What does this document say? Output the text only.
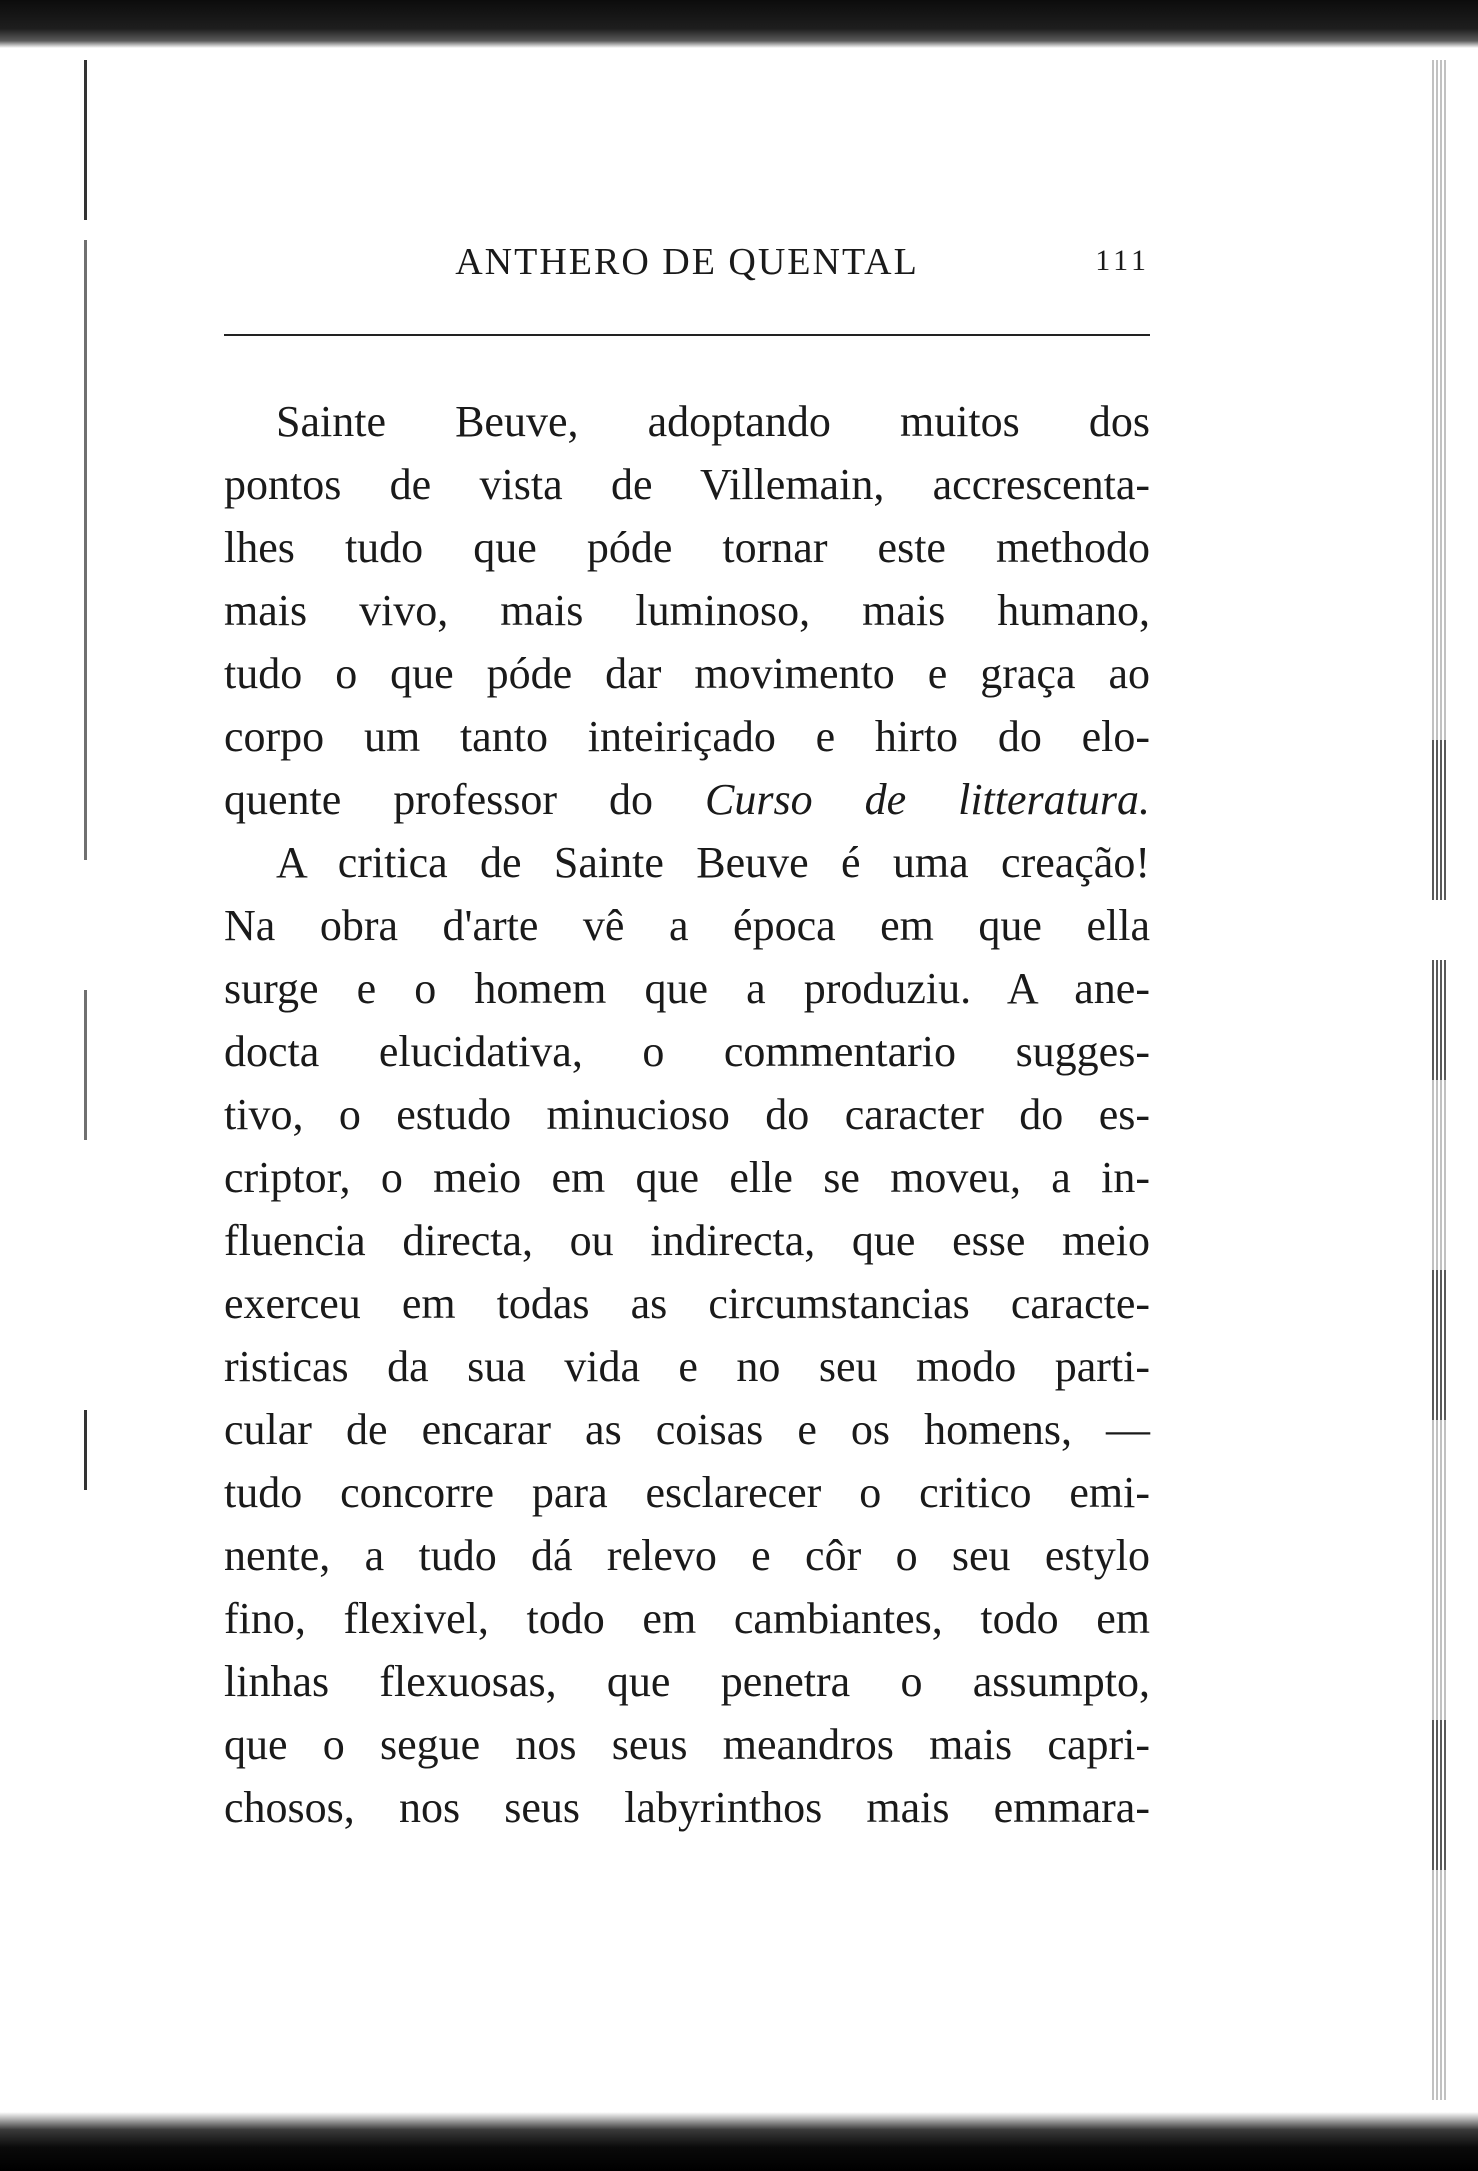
ANTHERO DE QUENTAL	111
Sainte Beuve, adoptando muitos dos
pontos de vista de Villemain, accrescenta-
lhes tudo que póde tornar este methodo
mais vivo, mais luminoso, mais humano,
tudo o que póde dar movimento e graça ao
corpo um tanto inteiriçado e hirto do elo-
quente professor do Curso de litteratura.
A critica de Sainte Beuve é uma creação!
Na obra d'arte vê a época em que ella
surge e o homem que a produziu. A ane-
docta elucidativa, o commentario sugges-
tivo, o estudo minucioso do caracter do es-
criptor, o meio em que elle se moveu, a in-
fluencia directa, ou indirecta, que esse meio
exerceu em todas as circumstancias caracte-
risticas da sua vida e no seu modo parti-
cular de encarar as coisas e os homens, —
tudo concorre para esclarecer o critico emi-
nente, a tudo dá relevo e côr o seu estylo
fino, flexivel, todo em cambiantes, todo em
linhas flexuosas, que penetra o assumpto,
que o segue nos seus meandros mais capri-
chosos, nos seus labyrinthos mais emmara-
